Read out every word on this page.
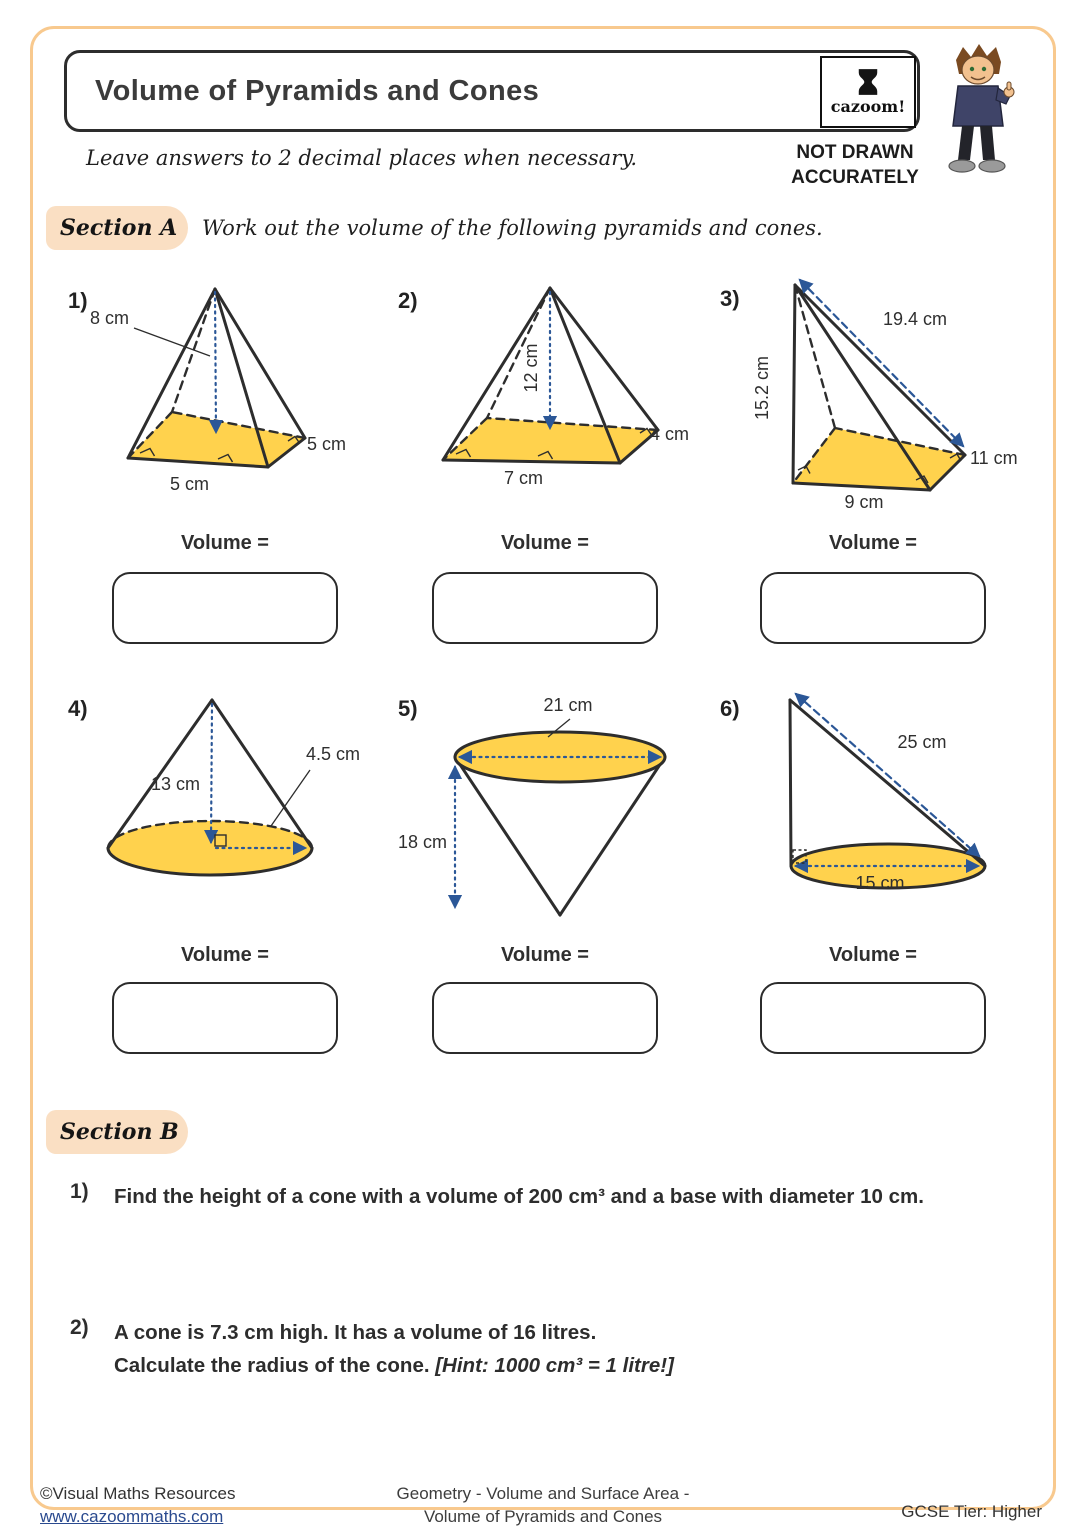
Volume of Pyramids and Cones	cazoom!
NOT DRAWN
ACCURATELY
Leave answers to 2 decimal places when necessary.
Section A	Work out the volume of the following pyramids and cones.
1)	2)	3)
4)	5)	6)
8 cm
5 cm
5 cm
12 cm
4 cm
7 cm
19.4 cm
15.2 cm
11 cm
9 cm
13 cm
4.5 cm
21 cm
18 cm
25 cm
15 cm
Volume =	Volume =	Volume =
Volume =	Volume =	Volume =
Section B
1) Find the height of a cone with a volume of 200 cm³ and a base with diameter 10 cm.
2) A cone is 7.3 cm high. It has a volume of 16 litres.
Calculate the radius of the cone. [Hint: 1000 cm³ = 1 litre!]
©Visual Maths Resources
www.cazoommaths.com
Geometry - Volume and Surface Area -
Volume of Pyramids and Cones	GCSE Tier: Higher
